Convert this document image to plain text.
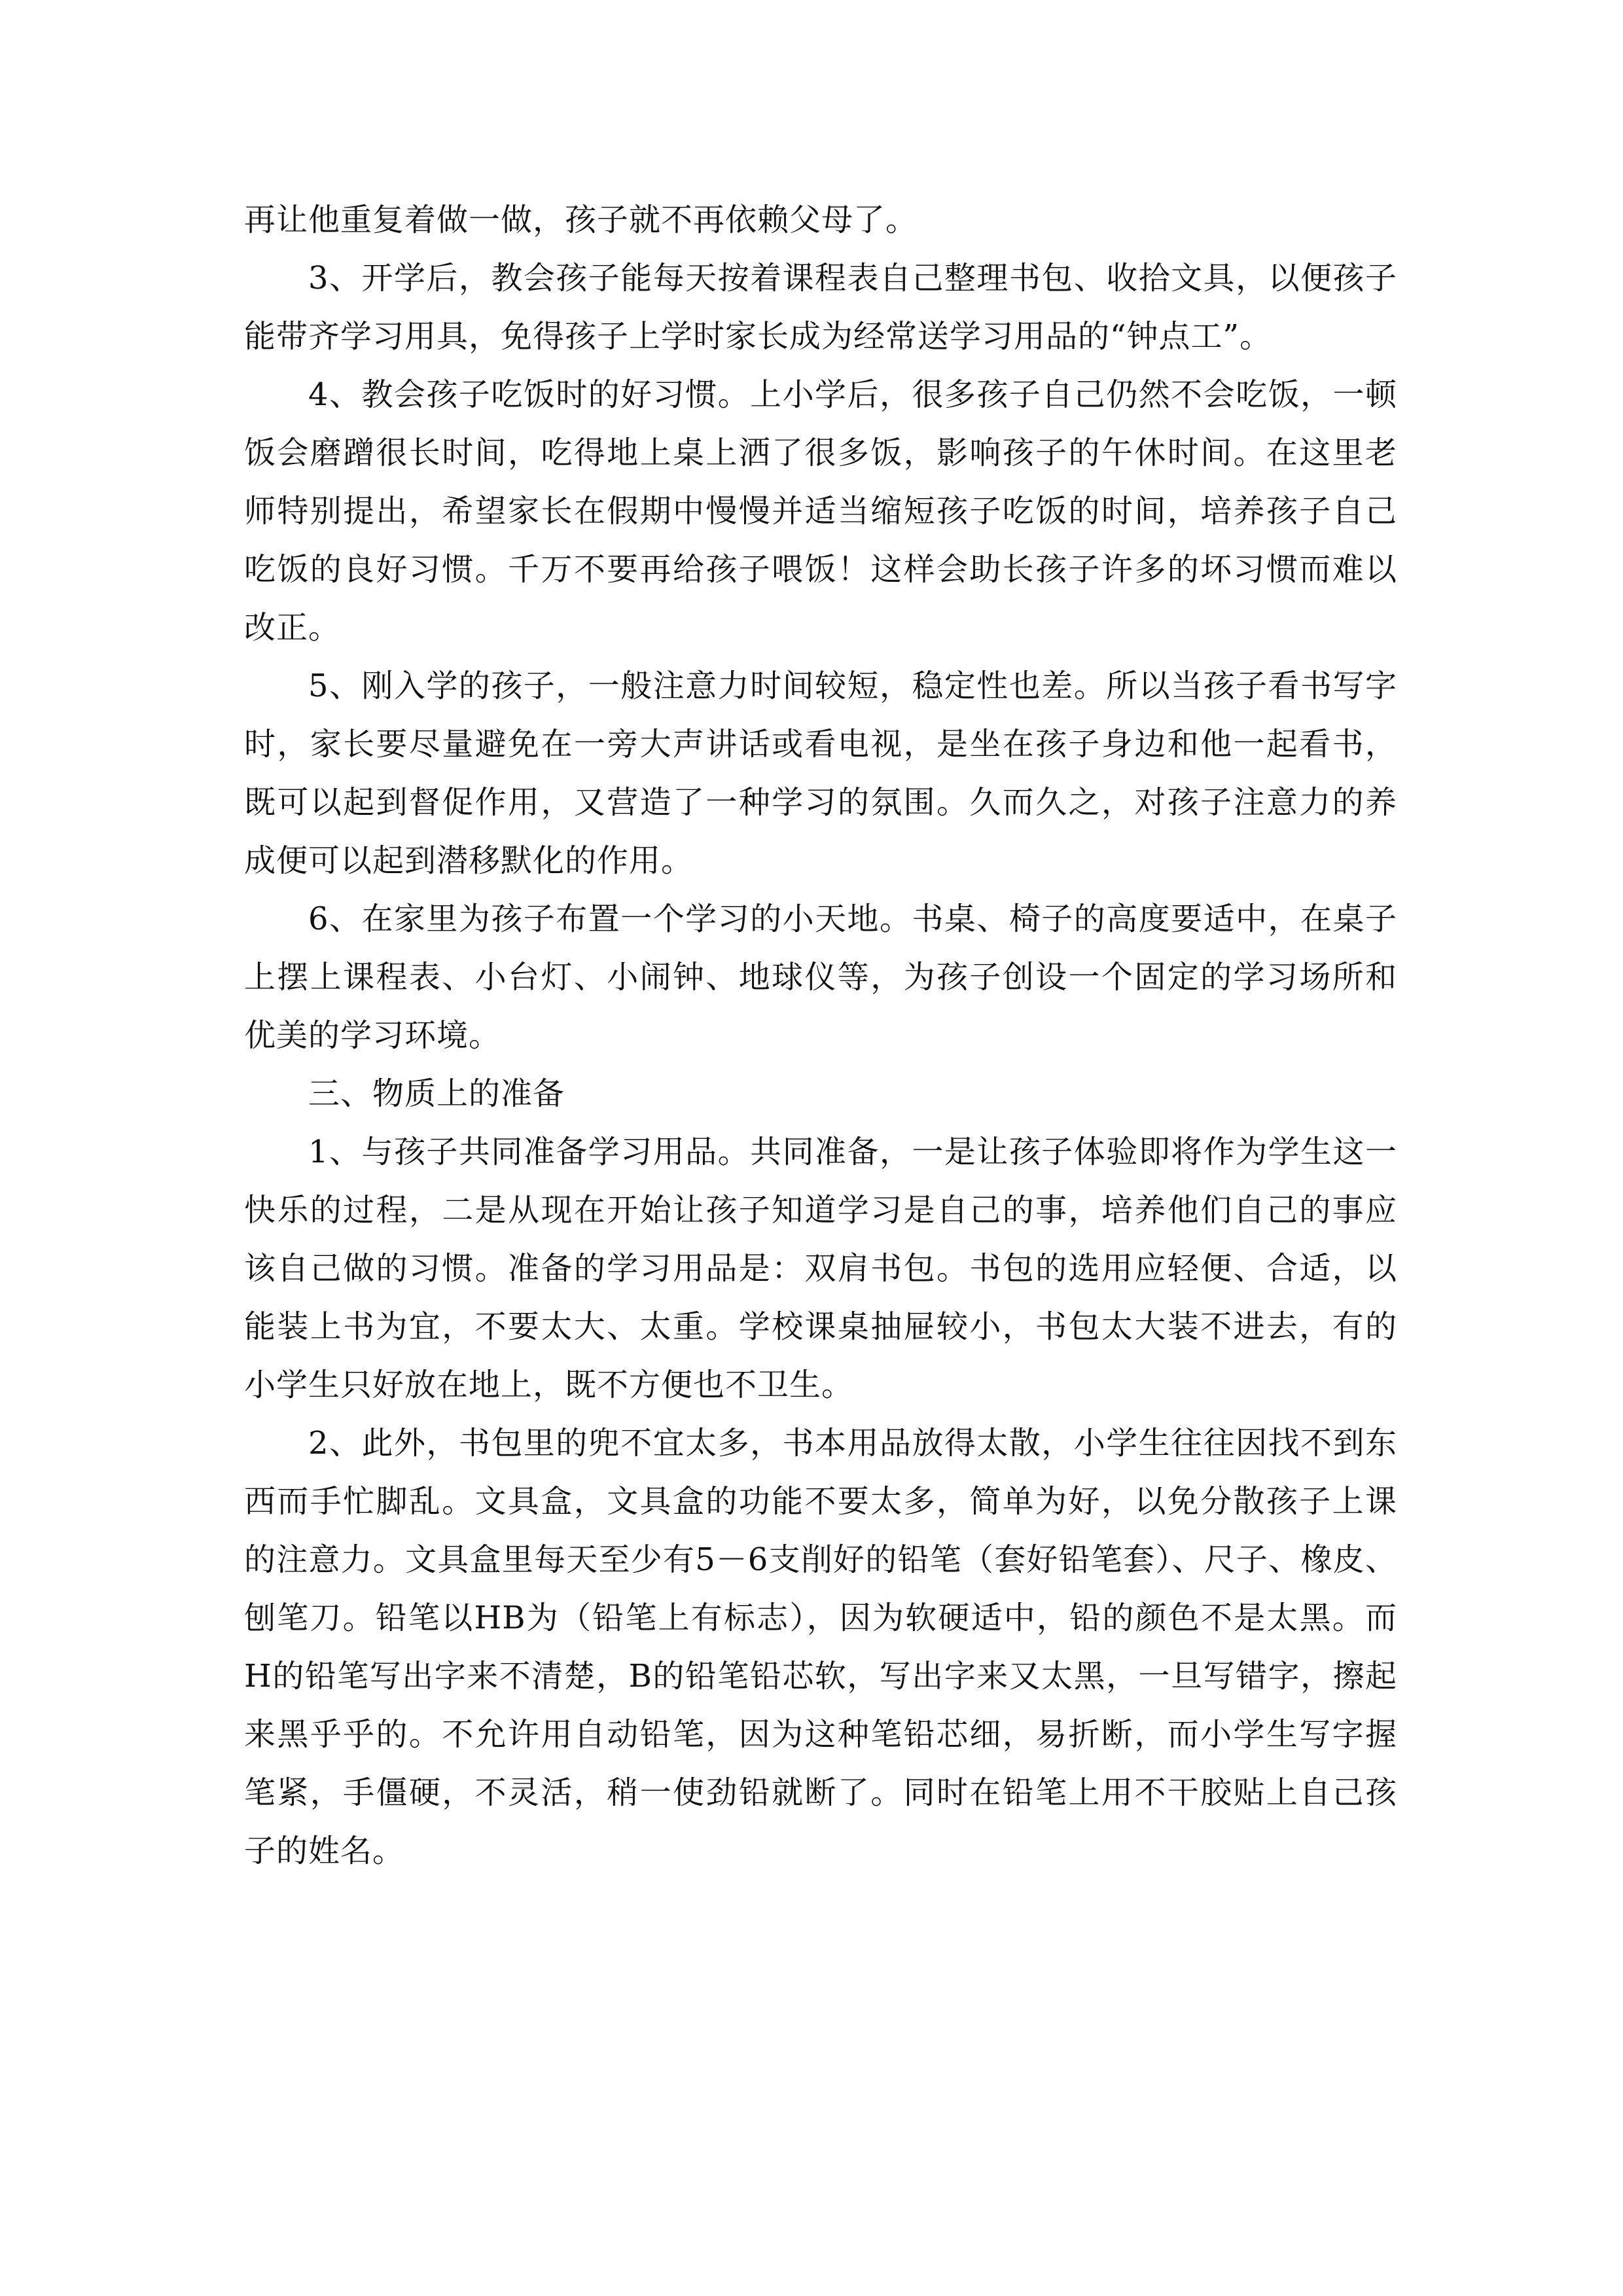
再让他重复着做一做，孩子就不再依赖父母了。

3、开学后，教会孩子能每天按着课程表自己整理书包、收拾文具，以便孩子能带齐学习用具，免得孩子上学时家长成为经常送学习用品的“钟点工”。

4、教会孩子吃饭时的好习惯。上小学后，很多孩子自己仍然不会吃饭，一顿饭会磨蹭很长时间，吃得地上桌上洒了很多饭，影响孩子的午休时间。在这里老师特别提出，希望家长在假期中慢慢并适当缩短孩子吃饭的时间，培养孩子自己吃饭的良好习惯。千万不要再给孩子喂饭！这样会助长孩子许多的坏习惯而难以改正。

5、刚入学的孩子，一般注意力时间较短，稳定性也差。所以当孩子看书写字时，家长要尽量避免在一旁大声讲话或看电视，是坐在孩子身边和他一起看书，既可以起到督促作用，又营造了一种学习的氛围。久而久之，对孩子注意力的养成便可以起到潜移默化的作用。

6、在家里为孩子布置一个学习的小天地。书桌、椅子的高度要适中，在桌子上摆上课程表、小台灯、小闹钟、地球仪等，为孩子创设一个固定的学习场所和优美的学习环境。

三、物质上的准备

1、与孩子共同准备学习用品。共同准备，一是让孩子体验即将作为学生这一快乐的过程，二是从现在开始让孩子知道学习是自己的事，培养他们自己的事应该自己做的习惯。准备的学习用品是：双肩书包。书包的选用应轻便、合适，以能装上书为宜，不要太大、太重。学校课桌抽屉较小，书包太大装不进去，有的小学生只好放在地上，既不方便也不卫生。

2、此外，书包里的兜不宜太多，书本用品放得太散，小学生往往因找不到东西而手忙脚乱。文具盒，文具盒的功能不要太多，简单为好，以免分散孩子上课的注意力。文具盒里每天至少有5－6支削好的铅笔（套好铅笔套）、尺子、橡皮、刨笔刀。铅笔以HB为（铅笔上有标志），因为软硬适中，铅的颜色不是太黑。而H的铅笔写出字来不清楚，B的铅笔铅芯软，写出字来又太黑，一旦写错字，擦起来黑乎乎的。不允许用自动铅笔，因为这种笔铅芯细，易折断，而小学生写字握笔紧，手僵硬，不灵活，稍一使劲铅就断了。同时在铅笔上用不干胶贴上自己孩子的姓名。
